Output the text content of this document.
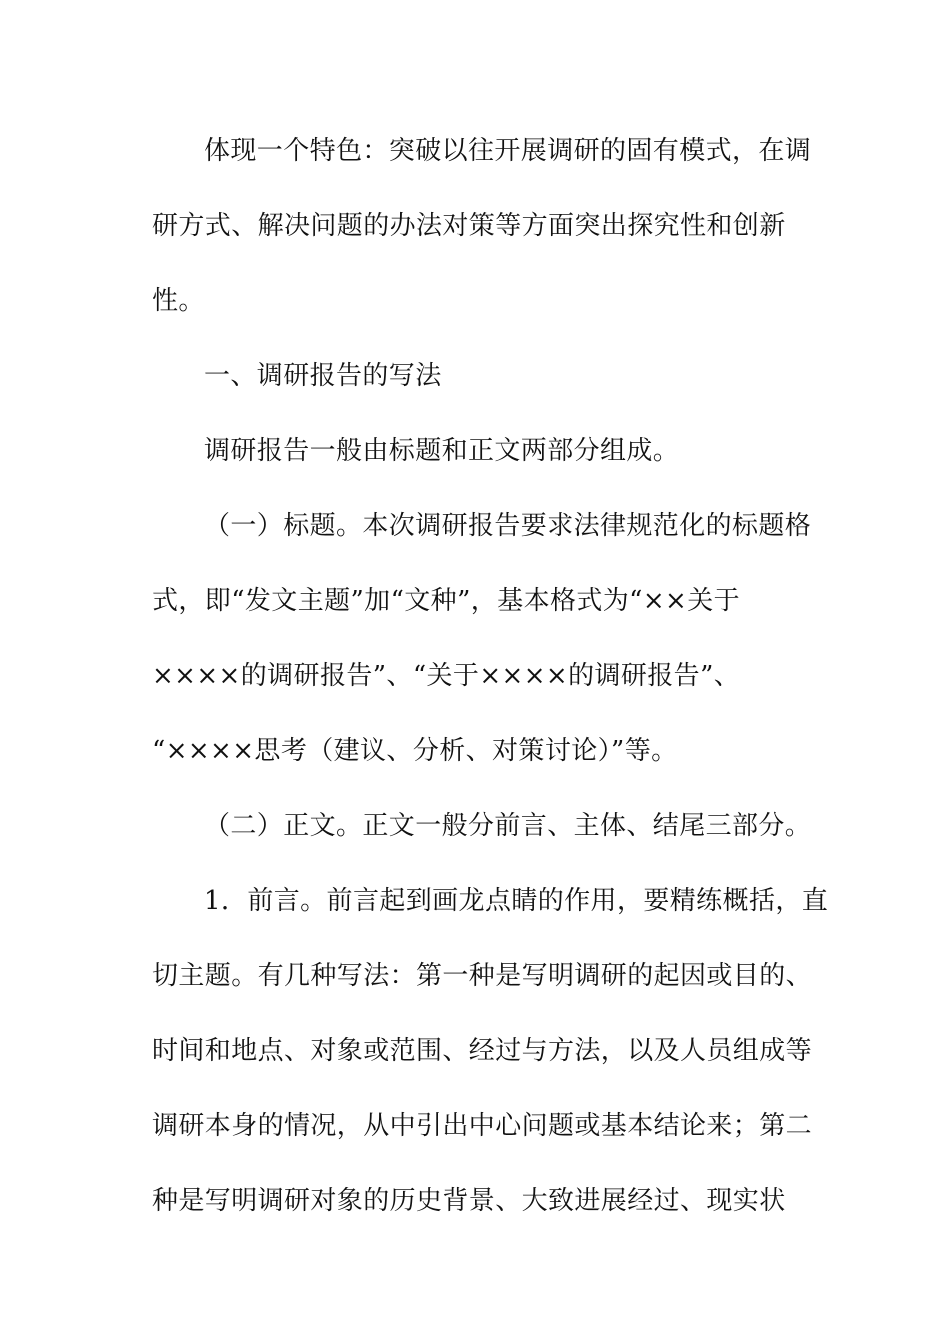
体现一个特色：突破以往开展调研的固有模式，在调

研方式、解决问题的办法对策等方面突出探究性和创新

性。

一、调研报告的写法

调研报告一般由标题和正文两部分组成。

（一）标题。本次调研报告要求法律规范化的标题格

式，即“发文主题”加“文种”，基本格式为“××关于

××××的调研报告”、“关于××××的调研报告”、

“××××思考（建议、分析、对策讨论）”等。

（二）正文。正文一般分前言、主体、结尾三部分。

1．前言。前言起到画龙点睛的作用，要精练概括，直

切主题。有几种写法：第一种是写明调研的起因或目的、

时间和地点、对象或范围、经过与方法，以及人员组成等

调研本身的情况，从中引出中心问题或基本结论来；第二

种是写明调研对象的历史背景、大致进展经过、现实状
